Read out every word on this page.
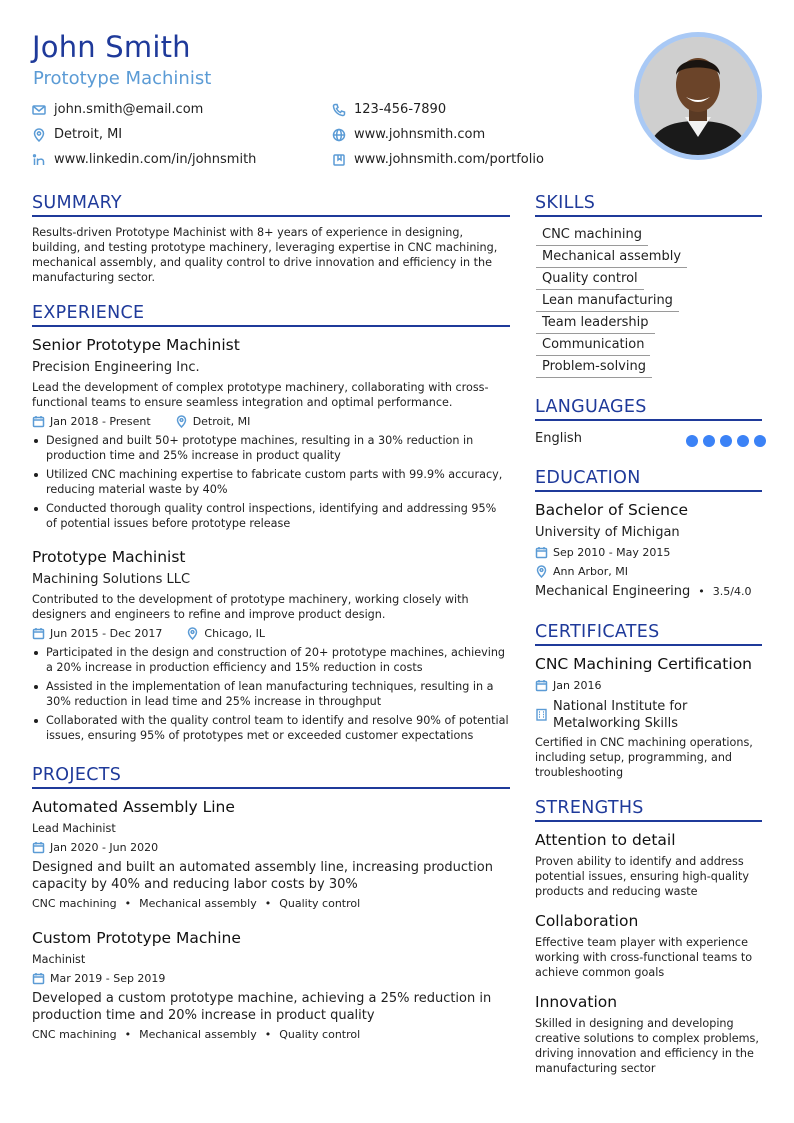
John Smith
Prototype Machinist
john.smith@email.com	123-456-7890
Detroit, MI	www.johnsmith.com
www.linkedin.com/in/johnsmith	www.johnsmith.com/portfolio
SUMMARY
Results-driven Prototype Machinist with 8+ years of experience in designing, building, and testing prototype machinery, leveraging expertise in CNC machining, mechanical assembly, and quality control to drive innovation and efficiency in the manufacturing sector.
EXPERIENCE
Senior Prototype Machinist
Precision Engineering Inc.
Lead the development of complex prototype machinery, collaborating with cross-functional teams to ensure seamless integration and optimal performance.
Jan 2018 - Present	Detroit, MI
Designed and built 50+ prototype machines, resulting in a 30% reduction in production time and 25% increase in product quality
Utilized CNC machining expertise to fabricate custom parts with 99.9% accuracy, reducing material waste by 40%
Conducted thorough quality control inspections, identifying and addressing 95% of potential issues before prototype release
Prototype Machinist
Machining Solutions LLC
Contributed to the development of prototype machinery, working closely with designers and engineers to refine and improve product design.
Jun 2015 - Dec 2017	Chicago, IL
Participated in the design and construction of 20+ prototype machines, achieving a 20% increase in production efficiency and 15% reduction in costs
Assisted in the implementation of lean manufacturing techniques, resulting in a 30% reduction in lead time and 25% increase in throughput
Collaborated with the quality control team to identify and resolve 90% of potential issues, ensuring 95% of prototypes met or exceeded customer expectations
PROJECTS
Automated Assembly Line
Lead Machinist
Jan 2020 - Jun 2020
Designed and built an automated assembly line, increasing production capacity by 40% and reducing labor costs by 30%
CNC machining • Mechanical assembly • Quality control
Custom Prototype Machine
Machinist
Mar 2019 - Sep 2019
Developed a custom prototype machine, achieving a 25% reduction in production time and 20% increase in product quality
CNC machining • Mechanical assembly • Quality control
SKILLS
CNC machining
Mechanical assembly
Quality control
Lean manufacturing
Team leadership
Communication
Problem-solving
LANGUAGES
English
EDUCATION
Bachelor of Science
University of Michigan
Sep 2010 - May 2015
Ann Arbor, MI
Mechanical Engineering • 3.5/4.0
CERTIFICATES
CNC Machining Certification
Jan 2016
National Institute for Metalworking Skills
Certified in CNC machining operations, including setup, programming, and troubleshooting
STRENGTHS
Attention to detail
Proven ability to identify and address potential issues, ensuring high-quality products and reducing waste
Collaboration
Effective team player with experience working with cross-functional teams to achieve common goals
Innovation
Skilled in designing and developing creative solutions to complex problems, driving innovation and efficiency in the manufacturing sector
